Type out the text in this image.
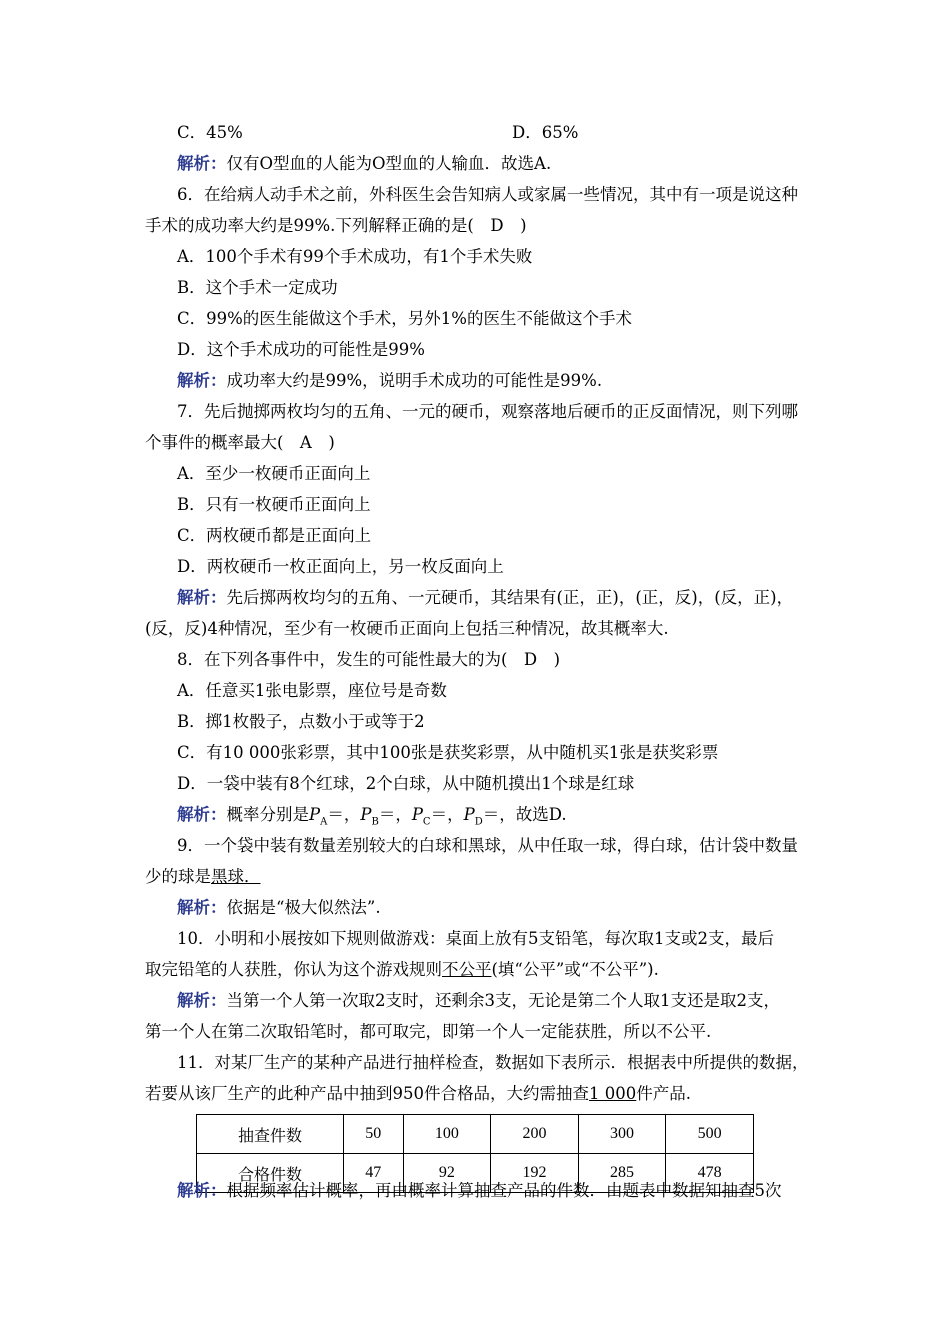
C．45%	D．65%
解析：仅有O型血的人能为O型血的人输血．故选A.
6．在给病人动手术之前，外科医生会告知病人或家属一些情况，其中有一项是说这种
手术的成功率大约是99%.下列解释正确的是(　D　)
A．100个手术有99个手术成功，有1个手术失败
B．这个手术一定成功
C．99%的医生能做这个手术，另外1%的医生不能做这个手术
D．这个手术成功的可能性是99%
解析：成功率大约是99%，说明手术成功的可能性是99%.
7．先后抛掷两枚均匀的五角、一元的硬币，观察落地后硬币的正反面情况，则下列哪
个事件的概率最大(　A　)
A．至少一枚硬币正面向上
B．只有一枚硬币正面向上
C．两枚硬币都是正面向上
D．两枚硬币一枚正面向上，另一枚反面向上
解析：先后掷两枚均匀的五角、一元硬币，其结果有(正，正)，(正，反)，(反，正)，
(反，反)4种情况，至少有一枚硬币正面向上包括三种情况，故其概率大.
8．在下列各事件中，发生的可能性最大的为(　D　)
A．任意买1张电影票，座位号是奇数
B．掷1枚骰子，点数小于或等于2
C．有10 000张彩票，其中100张是获奖彩票，从中随机买1张是获奖彩票
D．一袋中装有8个红球，2个白球，从中随机摸出1个球是红球
解析：概率分别是$P_A=$，$P_B=$，$P_C=$，$P_D=$，故选D.
9．一个袋中装有数量差别较大的白球和黑球，从中任取一球，得白球，估计袋中数量
少的球是黑球．
解析：依据是“极大似然法”.
10．小明和小展按如下规则做游戏：桌面上放有5支铅笔，每次取1支或2支，最后
取完铅笔的人获胜，你认为这个游戏规则不公平(填“公平”或“不公平”).
解析：当第一个人第一次取2支时，还剩余3支，无论是第二个人取1支还是取2支，
第一个人在第二次取铅笔时，都可取完，即第一个人一定能获胜，所以不公平.
11．对某厂生产的某种产品进行抽样检查，数据如下表所示．根据表中所提供的数据，
若要从该厂生产的此种产品中抽到950件合格品，大约需抽查1 000件产品.
抽查件数	50	100	200	300	500
合格件数	47	92	192	285	478
解析：根据频率估计概率，再由概率计算抽查产品的件数．由题表中数据知抽查5次
